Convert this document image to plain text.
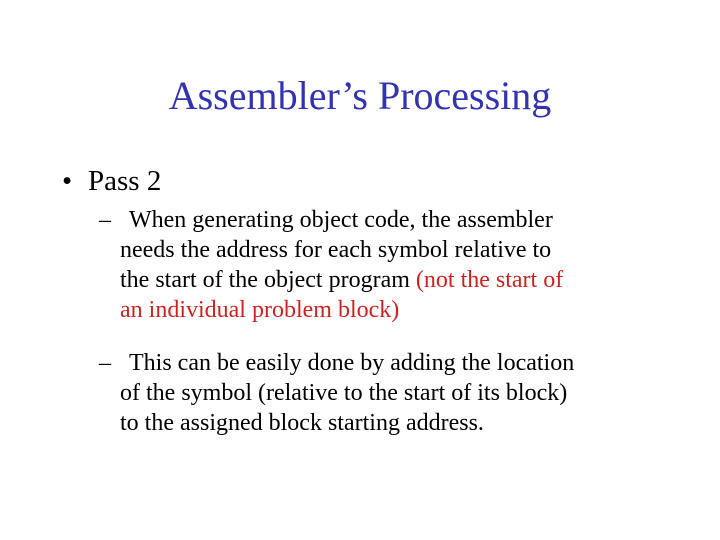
Assembler’s Processing
• Pass 2
– When generating object code, the assembler
needs the address for each symbol relative to
the start of the object program (not the start of
an individual problem block)
– This can be easily done by adding the location
of the symbol (relative to the start of its block)
to the assigned block starting address.
